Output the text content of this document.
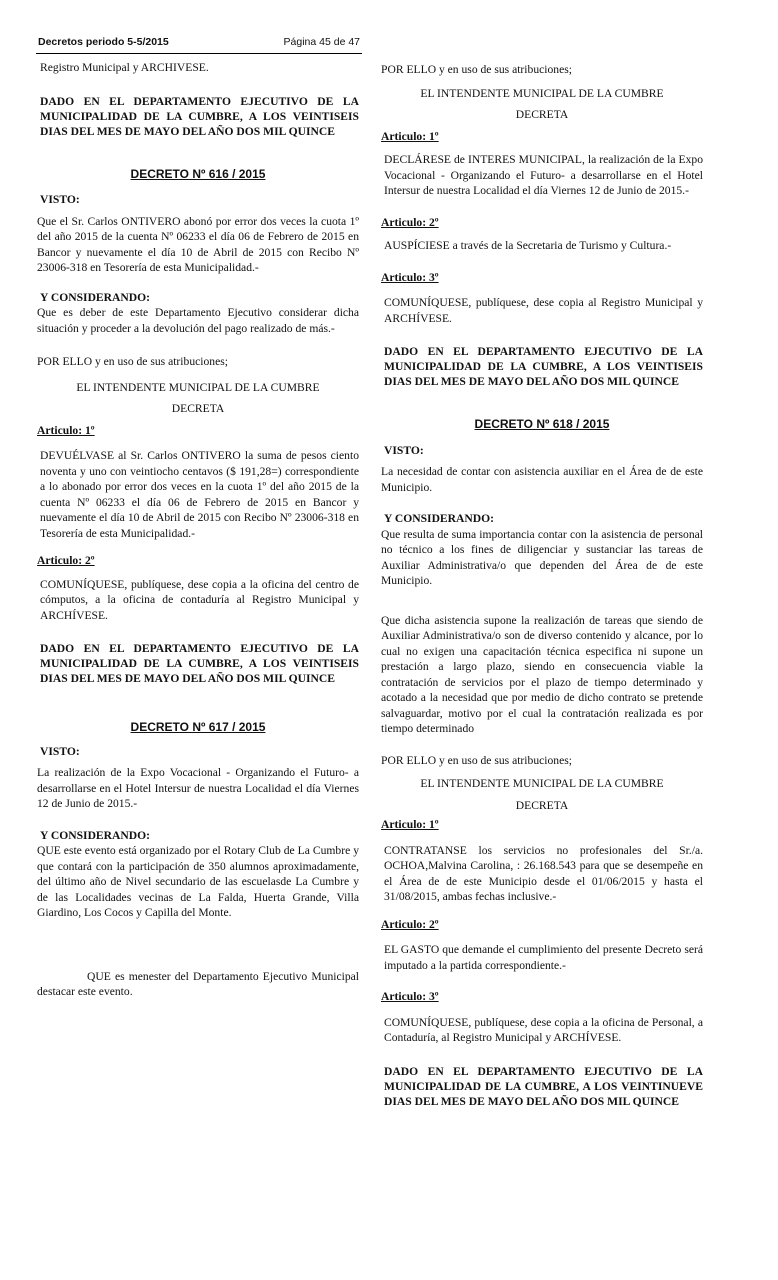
Decretos periodo 5-5/2015	Página 45 de 47

Registro Municipal y ARCHIVESE.

DADO EN EL DEPARTAMENTO EJECUTIVO DE LA MUNICIPALIDAD DE LA CUMBRE, A LOS VEINTISEIS DIAS DEL MES DE MAYO DEL AÑO DOS MIL QUINCE

DECRETO Nº 616 / 2015

VISTO:

Que el Sr. Carlos ONTIVERO abonó por error dos veces la cuota 1º del año 2015 de la cuenta Nº 06233 el día 06 de Febrero de 2015 en Bancor y nuevamente el día 10 de Abril de 2015 con Recibo Nº 23006-318 en Tesorería de esta Municipalidad.-

Y CONSIDERANDO:

Que es deber de este Departamento Ejecutivo considerar dicha situación y proceder a la devolución del pago realizado de más.-

POR ELLO y en uso de sus atribuciones;

EL INTENDENTE MUNICIPAL DE LA CUMBRE

DECRETA

Articulo: 1º

DEVUÉLVASE al Sr. Carlos ONTIVERO la suma de pesos ciento noventa y uno con veintiocho centavos ($ 191,28=) correspondiente a lo abonado por error dos veces en la cuota 1º del año 2015 de la cuenta Nº 06233 el día 06 de Febrero de 2015 en Bancor y nuevamente el día 10 de Abril de 2015 con Recibo Nº 23006-318 en Tesorería de esta Municipalidad.-

Articulo: 2º

COMUNÍQUESE, publíquese, dese copia a la oficina del centro de cómputos, a la oficina de contaduría al Registro Municipal y ARCHÍVESE.

DADO EN EL DEPARTAMENTO EJECUTIVO DE LA MUNICIPALIDAD DE LA CUMBRE, A LOS VEINTISEIS DIAS DEL MES DE MAYO DEL AÑO DOS MIL QUINCE

DECRETO Nº 617 / 2015

VISTO:

La realización de la Expo Vocacional - Organizando el Futuro- a desarrollarse en el Hotel Intersur de nuestra Localidad el día Viernes 12 de Junio de 2015.-

Y CONSIDERANDO:

QUE este evento está organizado por el Rotary Club de La Cumbre y que contará con la participación de 350 alumnos aproximadamente, del último año de Nivel secundario de las escuelasde La Cumbre y de las Localidades vecinas de La Falda, Huerta Grande, Villa Giardino, Los Cocos y Capilla del Monte.

QUE es menester del Departamento Ejecutivo Municipal destacar este evento.

POR ELLO y en uso de sus atribuciones;

EL INTENDENTE MUNICIPAL DE LA CUMBRE

DECRETA

Articulo: 1º

DECLÁRESE de INTERES MUNICIPAL, la realización de la Expo Vocacional - Organizando el Futuro- a desarrollarse en el Hotel Intersur de nuestra Localidad el día Viernes 12 de Junio de 2015.-

Articulo: 2º

AUSPÍCIESE a través de la Secretaria de Turismo y Cultura.-

Articulo: 3º

COMUNÍQUESE, publíquese, dese copia al Registro Municipal y ARCHÍVESE.

DADO EN EL DEPARTAMENTO EJECUTIVO DE LA MUNICIPALIDAD DE LA CUMBRE, A LOS VEINTISEIS DIAS DEL MES DE MAYO DEL AÑO DOS MIL QUINCE

DECRETO Nº 618 / 2015

VISTO:

La necesidad de contar con asistencia auxiliar en el Área de de este Municipio.

Y CONSIDERANDO:

Que resulta de suma importancia contar con la asistencia de personal no técnico a los fines de diligenciar y sustanciar las tareas de Auxiliar Administrativa/o que dependen del Área de de este Municipio.

Que dicha asistencia supone la realización de tareas que siendo de Auxiliar Administrativa/o son de diverso contenido y alcance, por lo cual no exigen una capacitación técnica especifica ni supone un prestación a largo plazo, siendo en consecuencia viable la contratación de servicios por el plazo de tiempo determinado y acotado a la necesidad que por medio de dicho contrato se pretende salvaguardar, motivo por el cual la contratación realizada es por tiempo determinado

POR ELLO y en uso de sus atribuciones;

EL INTENDENTE MUNICIPAL DE LA CUMBRE

DECRETA

Articulo: 1º

CONTRATANSE los servicios no profesionales del Sr./a. OCHOA,Malvina Carolina, : 26.168.543 para que se desempeñe en el Área de de este Municipio desde el 01/06/2015 y hasta el 31/08/2015, ambas fechas inclusive.-

Articulo: 2º

EL GASTO que demande el cumplimiento del presente Decreto será imputado a la partida correspondiente.-

Articulo: 3º

COMUNÍQUESE, publíquese, dese copia a la oficina de Personal, a Contaduría, al Registro Municipal y ARCHÍVESE.

DADO EN EL DEPARTAMENTO EJECUTIVO DE LA MUNICIPALIDAD DE LA CUMBRE, A LOS VEINTINUEVE DIAS DEL MES DE MAYO DEL AÑO DOS MIL QUINCE
